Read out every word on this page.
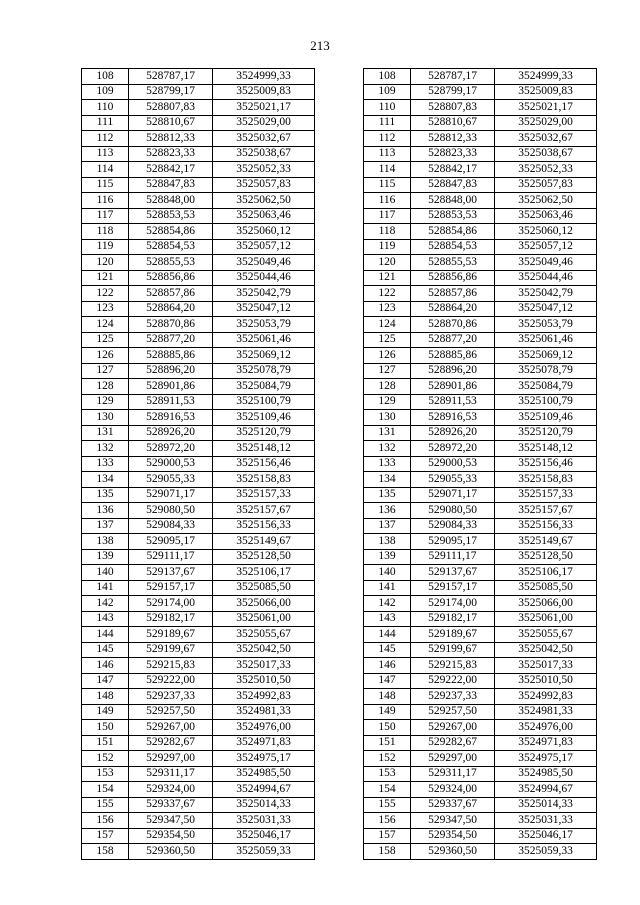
213
108	528787,17	3524999,33		108	528787,17	3524999,33
109	528799,17	3525009,83		109	528799,17	3525009,83
110	528807,83	3525021,17		110	528807,83	3525021,17
111	528810,67	3525029,00		111	528810,67	3525029,00
112	528812,33	3525032,67		112	528812,33	3525032,67
113	528823,33	3525038,67		113	528823,33	3525038,67
114	528842,17	3525052,33		114	528842,17	3525052,33
115	528847,83	3525057,83		115	528847,83	3525057,83
116	528848,00	3525062,50		116	528848,00	3525062,50
117	528853,53	3525063,46		117	528853,53	3525063,46
118	528854,86	3525060,12		118	528854,86	3525060,12
119	528854,53	3525057,12		119	528854,53	3525057,12
120	528855,53	3525049,46		120	528855,53	3525049,46
121	528856,86	3525044,46		121	528856,86	3525044,46
122	528857,86	3525042,79		122	528857,86	3525042,79
123	528864,20	3525047,12		123	528864,20	3525047,12
124	528870,86	3525053,79		124	528870,86	3525053,79
125	528877,20	3525061,46		125	528877,20	3525061,46
126	528885,86	3525069,12		126	528885,86	3525069,12
127	528896,20	3525078,79		127	528896,20	3525078,79
128	528901,86	3525084,79		128	528901,86	3525084,79
129	528911,53	3525100,79		129	528911,53	3525100,79
130	528916,53	3525109,46		130	528916,53	3525109,46
131	528926,20	3525120,79		131	528926,20	3525120,79
132	528972,20	3525148,12		132	528972,20	3525148,12
133	529000,53	3525156,46		133	529000,53	3525156,46
134	529055,33	3525158,83		134	529055,33	3525158,83
135	529071,17	3525157,33		135	529071,17	3525157,33
136	529080,50	3525157,67		136	529080,50	3525157,67
137	529084,33	3525156,33		137	529084,33	3525156,33
138	529095,17	3525149,67		138	529095,17	3525149,67
139	529111,17	3525128,50		139	529111,17	3525128,50
140	529137,67	3525106,17		140	529137,67	3525106,17
141	529157,17	3525085,50		141	529157,17	3525085,50
142	529174,00	3525066,00		142	529174,00	3525066,00
143	529182,17	3525061,00		143	529182,17	3525061,00
144	529189,67	3525055,67		144	529189,67	3525055,67
145	529199,67	3525042,50		145	529199,67	3525042,50
146	529215,83	3525017,33		146	529215,83	3525017,33
147	529222,00	3525010,50		147	529222,00	3525010,50
148	529237,33	3524992,83		148	529237,33	3524992,83
149	529257,50	3524981,33		149	529257,50	3524981,33
150	529267,00	3524976,00		150	529267,00	3524976,00
151	529282,67	3524971,83		151	529282,67	3524971,83
152	529297,00	3524975,17		152	529297,00	3524975,17
153	529311,17	3524985,50		153	529311,17	3524985,50
154	529324,00	3524994,67		154	529324,00	3524994,67
155	529337,67	3525014,33		155	529337,67	3525014,33
156	529347,50	3525031,33		156	529347,50	3525031,33
157	529354,50	3525046,17		157	529354,50	3525046,17
158	529360,50	3525059,33		158	529360,50	3525059,33
